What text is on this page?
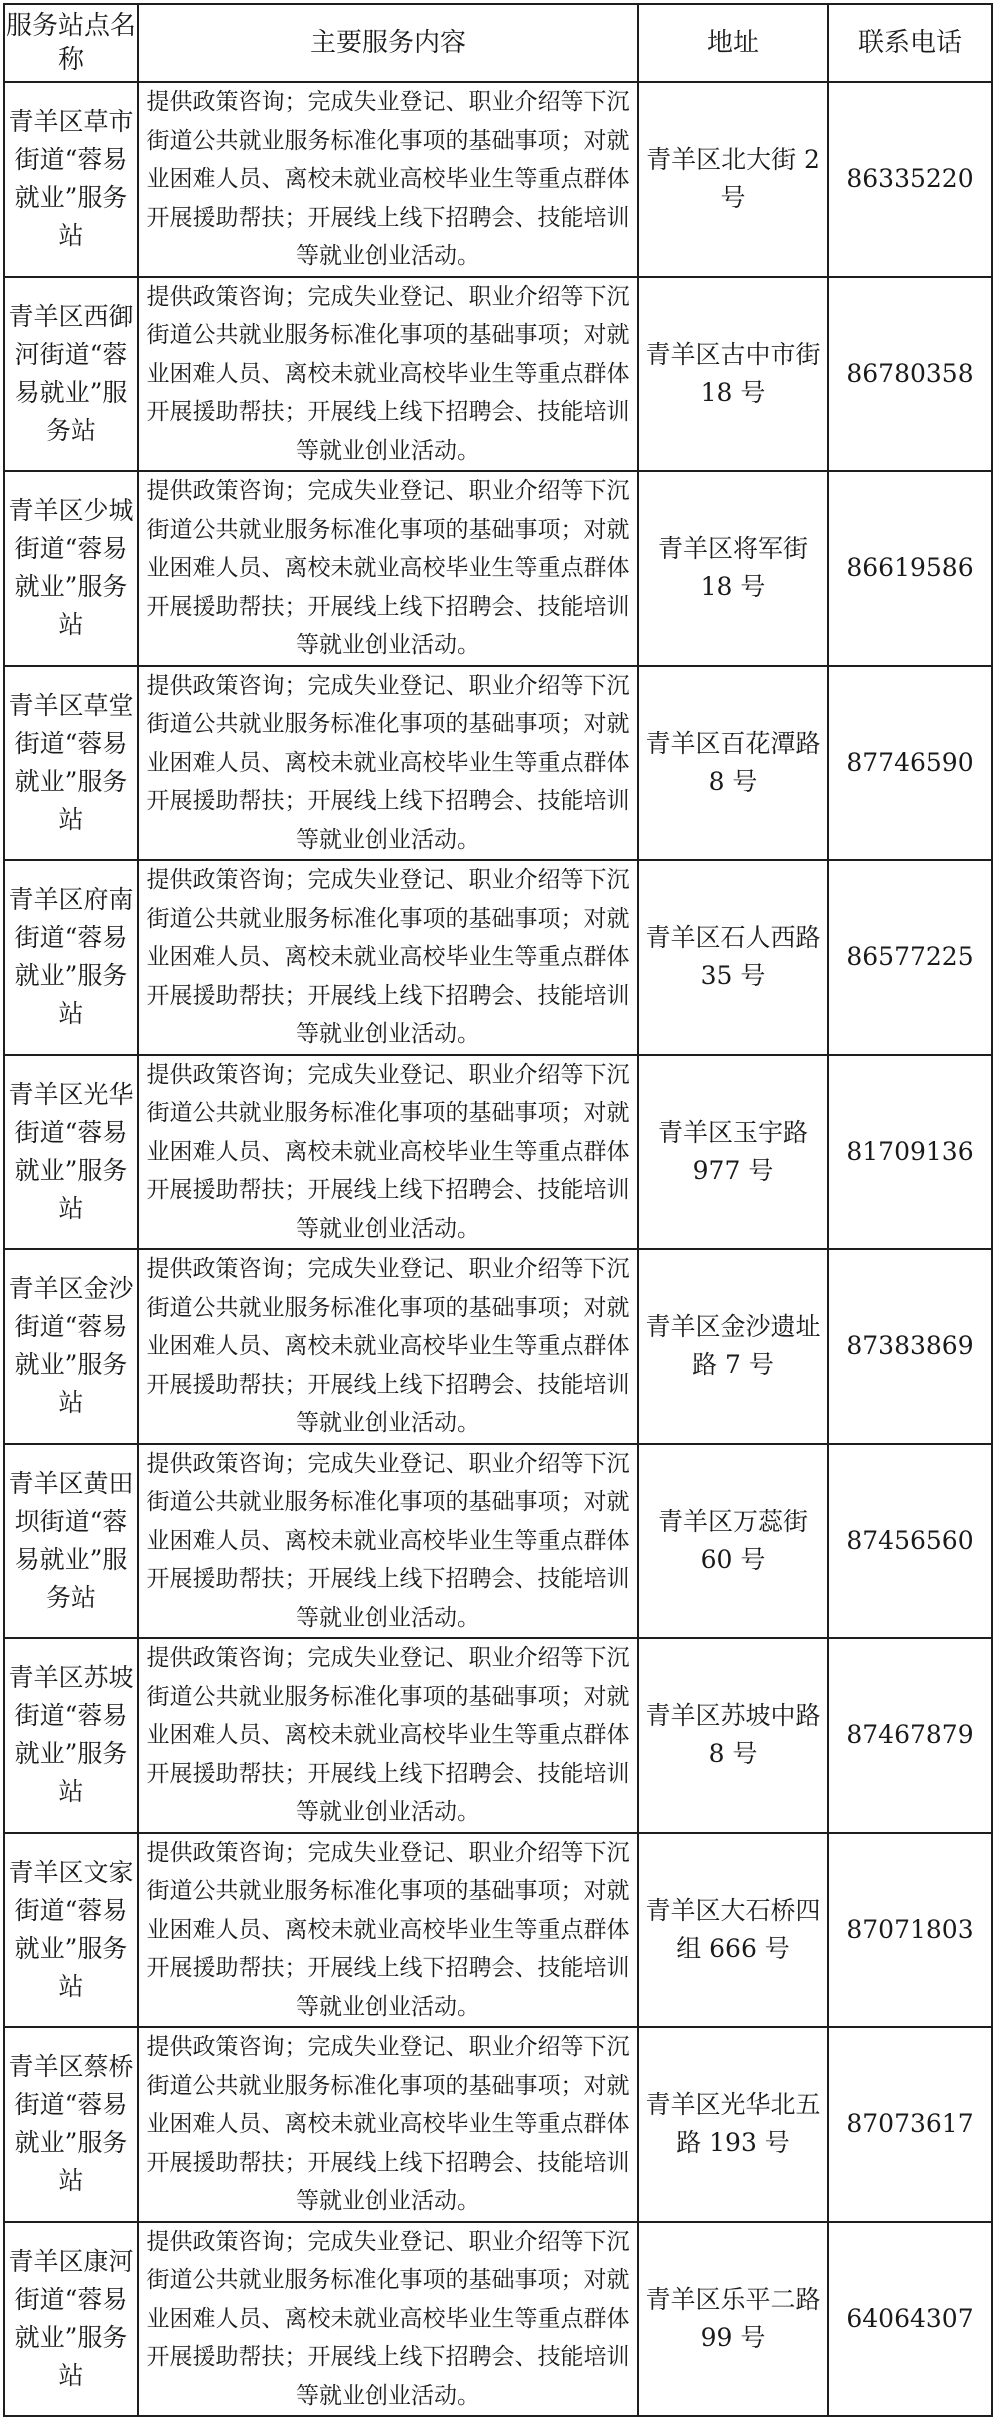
服务站点名称	主要服务内容	地址	联系电话
青羊区草市街道“蓉易就业”服务站	提供政策咨询；完成失业登记、职业介绍等下沉街道公共就业服务标准化事项的基础事项；对就业困难人员、离校未就业高校毕业生等重点群体开展援助帮扶；开展线上线下招聘会、技能培训等就业创业活动。	青羊区北大街 2 号	86335220
青羊区西御河街道“蓉易就业”服务站	提供政策咨询；完成失业登记、职业介绍等下沉街道公共就业服务标准化事项的基础事项；对就业困难人员、离校未就业高校毕业生等重点群体开展援助帮扶；开展线上线下招聘会、技能培训等就业创业活动。	青羊区古中市街 18 号	86780358
青羊区少城街道“蓉易就业”服务站	提供政策咨询；完成失业登记、职业介绍等下沉街道公共就业服务标准化事项的基础事项；对就业困难人员、离校未就业高校毕业生等重点群体开展援助帮扶；开展线上线下招聘会、技能培训等就业创业活动。	青羊区将军街 18 号	86619586
青羊区草堂街道“蓉易就业”服务站	提供政策咨询；完成失业登记、职业介绍等下沉街道公共就业服务标准化事项的基础事项；对就业困难人员、离校未就业高校毕业生等重点群体开展援助帮扶；开展线上线下招聘会、技能培训等就业创业活动。	青羊区百花潭路 8 号	87746590
青羊区府南街道“蓉易就业”服务站	提供政策咨询；完成失业登记、职业介绍等下沉街道公共就业服务标准化事项的基础事项；对就业困难人员、离校未就业高校毕业生等重点群体开展援助帮扶；开展线上线下招聘会、技能培训等就业创业活动。	青羊区石人西路 35 号	86577225
青羊区光华街道“蓉易就业”服务站	提供政策咨询；完成失业登记、职业介绍等下沉街道公共就业服务标准化事项的基础事项；对就业困难人员、离校未就业高校毕业生等重点群体开展援助帮扶；开展线上线下招聘会、技能培训等就业创业活动。	青羊区玉宇路 977 号	81709136
青羊区金沙街道“蓉易就业”服务站	提供政策咨询；完成失业登记、职业介绍等下沉街道公共就业服务标准化事项的基础事项；对就业困难人员、离校未就业高校毕业生等重点群体开展援助帮扶；开展线上线下招聘会、技能培训等就业创业活动。	青羊区金沙遗址路 7 号	87383869
青羊区黄田坝街道“蓉易就业”服务站	提供政策咨询；完成失业登记、职业介绍等下沉街道公共就业服务标准化事项的基础事项；对就业困难人员、离校未就业高校毕业生等重点群体开展援助帮扶；开展线上线下招聘会、技能培训等就业创业活动。	青羊区万蕊街 60 号	87456560
青羊区苏坡街道“蓉易就业”服务站	提供政策咨询；完成失业登记、职业介绍等下沉街道公共就业服务标准化事项的基础事项；对就业困难人员、离校未就业高校毕业生等重点群体开展援助帮扶；开展线上线下招聘会、技能培训等就业创业活动。	青羊区苏坡中路 8 号	87467879
青羊区文家街道“蓉易就业”服务站	提供政策咨询；完成失业登记、职业介绍等下沉街道公共就业服务标准化事项的基础事项；对就业困难人员、离校未就业高校毕业生等重点群体开展援助帮扶；开展线上线下招聘会、技能培训等就业创业活动。	青羊区大石桥四组 666 号	87071803
青羊区蔡桥街道“蓉易就业”服务站	提供政策咨询；完成失业登记、职业介绍等下沉街道公共就业服务标准化事项的基础事项；对就业困难人员、离校未就业高校毕业生等重点群体开展援助帮扶；开展线上线下招聘会、技能培训等就业创业活动。	青羊区光华北五路 193 号	87073617
青羊区康河街道“蓉易就业”服务站	提供政策咨询；完成失业登记、职业介绍等下沉街道公共就业服务标准化事项的基础事项；对就业困难人员、离校未就业高校毕业生等重点群体开展援助帮扶；开展线上线下招聘会、技能培训等就业创业活动。	青羊区乐平二路 99 号	64064307
